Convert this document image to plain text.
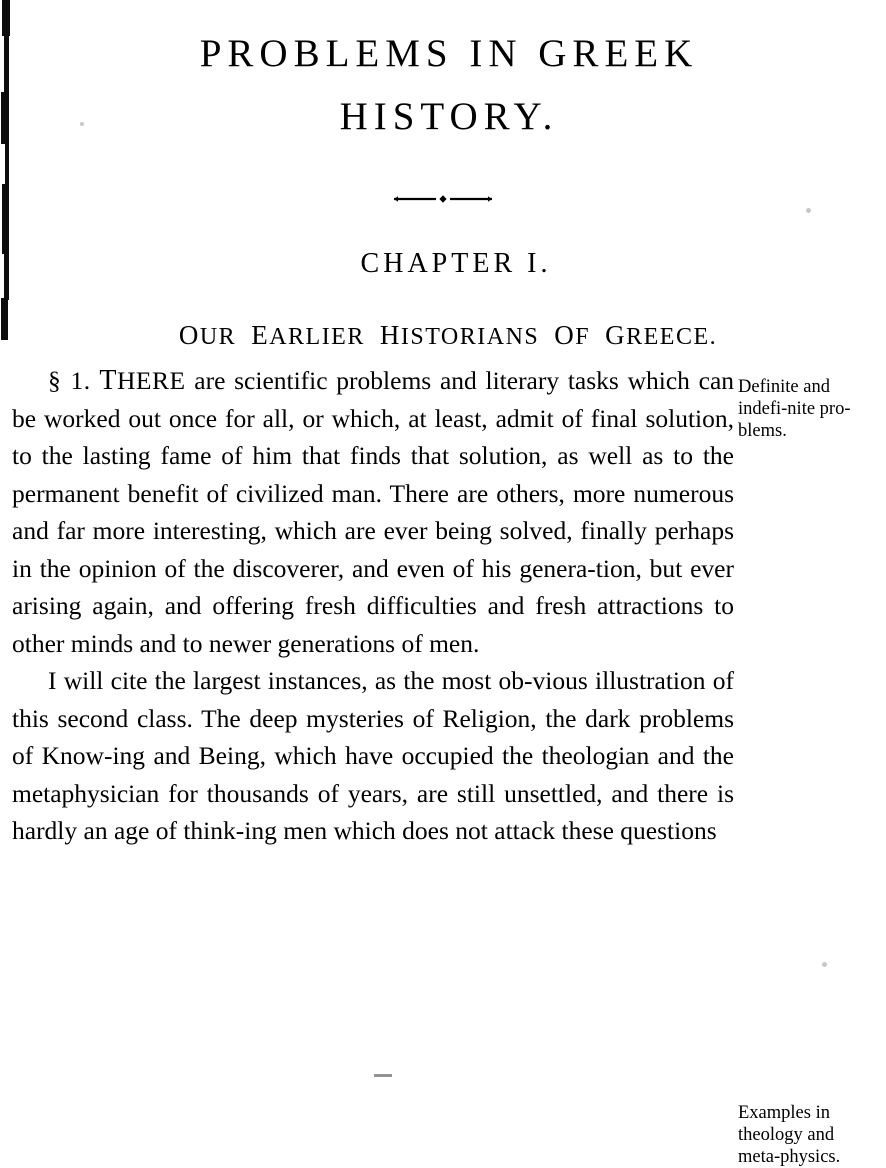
PROBLEMS IN GREEK
HISTORY.
CHAPTER I.
OUR EARLIER HISTORIANS OF GREECE.

§ 1. THERE are scientific problems and literary tasks which can be worked out once for all, or which, at least, admit of final solution, to the lasting fame of him that finds that solution, as well as to the permanent benefit of civilized man. There are others, more numerous and far more interesting, which are ever being solved, finally perhaps in the opinion of the discoverer, and even of his genera-tion, but ever arising again, and offering fresh difficulties and fresh attractions to other minds and to newer generations of men.

Definite and indefi-nite pro-blems.

I will cite the largest instances, as the most ob-vious illustration of this second class. The deep mysteries of Religion, the dark problems of Know-ing and Being, which have occupied the theologian and the metaphysician for thousands of years, are still unsettled, and there is hardly an age of think-ing men which does not attack these questions

Examples in theology and meta-physics.
